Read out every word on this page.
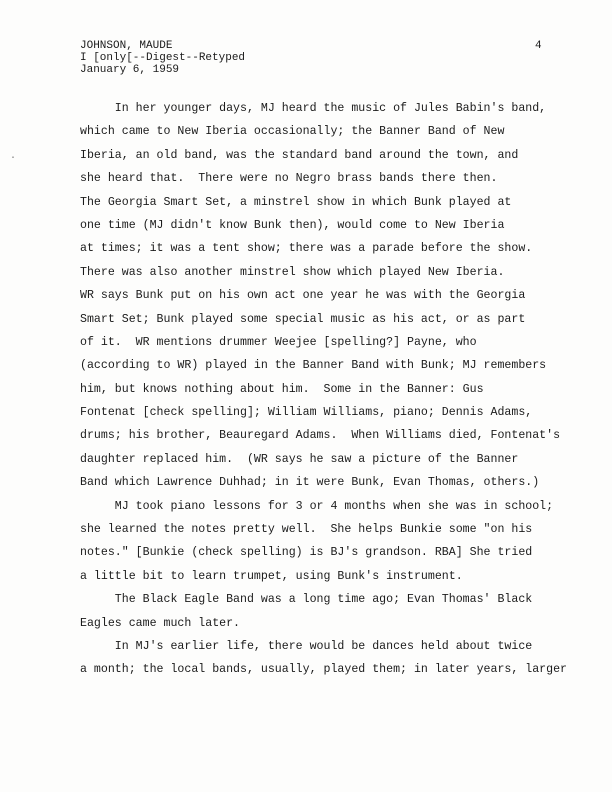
JOHNSON, MAUDE
I [only[--Digest--Retyped
January 6, 1959
4
·
In her younger days, MJ heard the music of Jules Babin's band,
which came to New Iberia occasionally; the Banner Band of New
Iberia, an old band, was the standard band around the town, and
she heard that.  There were no Negro brass bands there then.
The Georgia Smart Set, a minstrel show in which Bunk played at
one time (MJ didn't know Bunk then), would come to New Iberia
at times; it was a tent show; there was a parade before the show.
There was also another minstrel show which played New Iberia.
WR says Bunk put on his own act one year he was with the Georgia
Smart Set; Bunk played some special music as his act, or as part
of it.  WR mentions drummer Weejee [spelling?] Payne, who
(according to WR) played in the Banner Band with Bunk; MJ remembers
him, but knows nothing about him.  Some in the Banner: Gus
Fontenat [check spelling]; William Williams, piano; Dennis Adams,
drums; his brother, Beauregard Adams.  When Williams died, Fontenat's
daughter replaced him.  (WR says he saw a picture of the Banner
Band which Lawrence Duhhad; in it were Bunk, Evan Thomas, others.)
MJ took piano lessons for 3 or 4 months when she was in school;
she learned the notes pretty well.  She helps Bunkie some "on his
notes." [Bunkie (check spelling) is BJ's grandson. RBA] She tried
a little bit to learn trumpet, using Bunk's instrument.
The Black Eagle Band was a long time ago; Evan Thomas' Black
Eagles came much later.
In MJ's earlier life, there would be dances held about twice
a month; the local bands, usually, played them; in later years, larger
